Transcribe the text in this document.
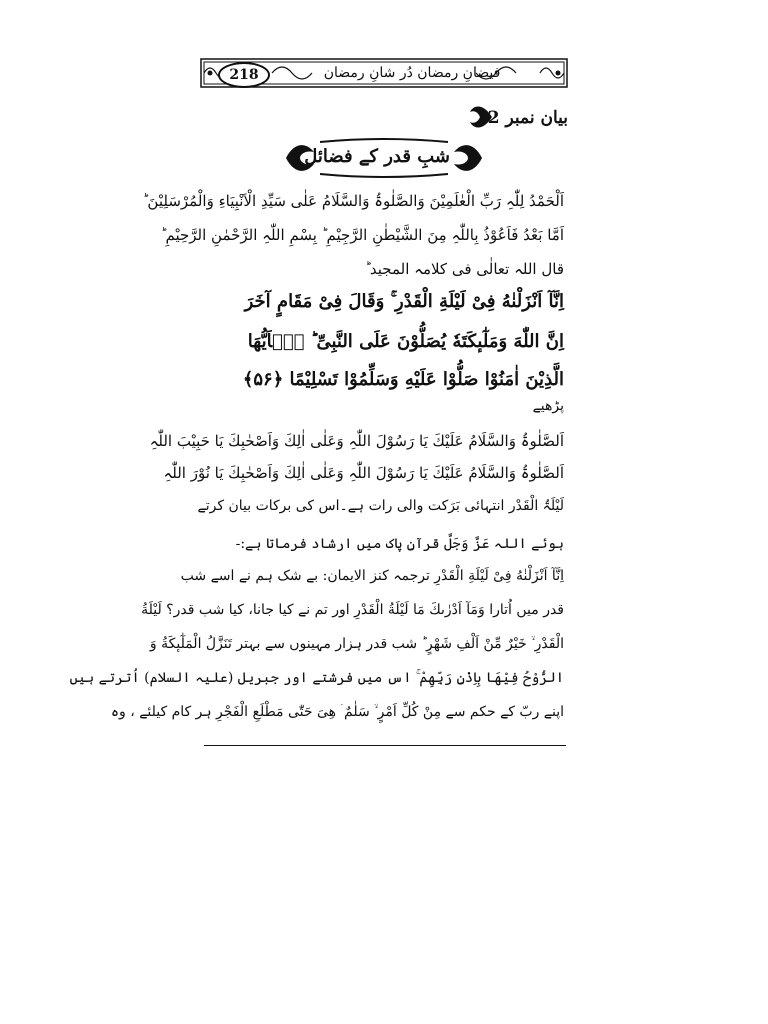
218	فیضانِ رمضان دُر شانِ رمضان
بیان نمبر 12
شبِ قدر کے فضائل
اَلْحَمْدُ لِلّٰہِ رَبِّ الْعٰلَمِیْنَ وَالصَّلٰوۃُ وَالسَّلَامُ عَلٰی سَیِّدِ الْاَنْبِیَاءِ وَالْمُرْسَلِیْنَ ؕ
اَمَّا بَعْدُ فَاَعُوْذُ بِاللّٰہِ مِنَ الشَّیْطٰنِ الرَّجِیْمِ ؕ بِسْمِ اللّٰہِ الرَّحْمٰنِ الرَّحِیْمِ ؕ
قال اللہ تعالٰی فی کلامہ المجید ؕ
اِنَّآ اَنْزَلْنٰهُ فِیْ لَیْلَةِ الْقَدْرِ ۚ وَقَالَ فِیْ مَقَامٍ آخَرَ
اِنَّ اللّٰهَ وَمَلٰٓىٕكَتَهٗ یُصَلُّوْنَ عَلَى النَّبِیِّ ؕ یٰۤاَیُّهَا
الَّذِیْنَ اٰمَنُوْا صَلُّوْا عَلَیْهِ وَسَلِّمُوْا تَسْلِیْمًا ﴿۵۶﴾
پڑھیے
اَلصَّلٰوۃُ وَالسَّلَامُ عَلَیْكَ یَا رَسُوْلَ اللّٰہِ وَعَلٰی اٰلِكَ وَاَصْحٰبِكَ یَا حَبِیْبَ اللّٰہِ
اَلصَّلٰوۃُ وَالسَّلَامُ عَلَیْكَ یَا رَسُوْلَ اللّٰہِ وَعَلٰی اٰلِكَ وَاَصْحٰبِكَ یَا نُوْرَ اللّٰہِ
لَیْلَۃُ الْقَدْر انتہائی بَرَکت والی رات ہے۔اس کی برکات بیان کرتے
ہوئے اللہ عَزَّ وَجَلَّ قرآنِ پاک میں ارشاد فرماتا ہے:-
اِنَّآ اَنْزَلْنٰهُ فِیْ لَیْلَةِ الْقَدْرِ ترجمہ کنز الایمان: بے شک ہم نے اسے شب
قدر میں اُتارا وَمَآ اَدْرٰىكَ مَا لَیْلَةُ الْقَدْرِ اور تم نے کیا جانا، کیا شب قدر؟ لَیْلَةُ
الْقَدْرِ ۙ خَیْرٌ مِّنْ اَلْفِ شَهْرٍ ؕ شب قدر ہزار مہینوں سے بہتر تَنَزَّلُ الْمَلٰٓىٕكَةُ وَ
الرُّوْحُ فِیْهَا بِاِذْنِ رَبِّهِمْ ۚ اس میں فرشتے اور جبریل (علیہ السلام) اُترتے ہیں
اپنے ربّ کے حکم سے مِنْ كُلِّ اَمْرٍ ۙ سَلٰمٌ ۛ هِیَ حَتّٰى مَطْلَعِ الْفَجْرِ ہر کام کیلئے ، وہ
